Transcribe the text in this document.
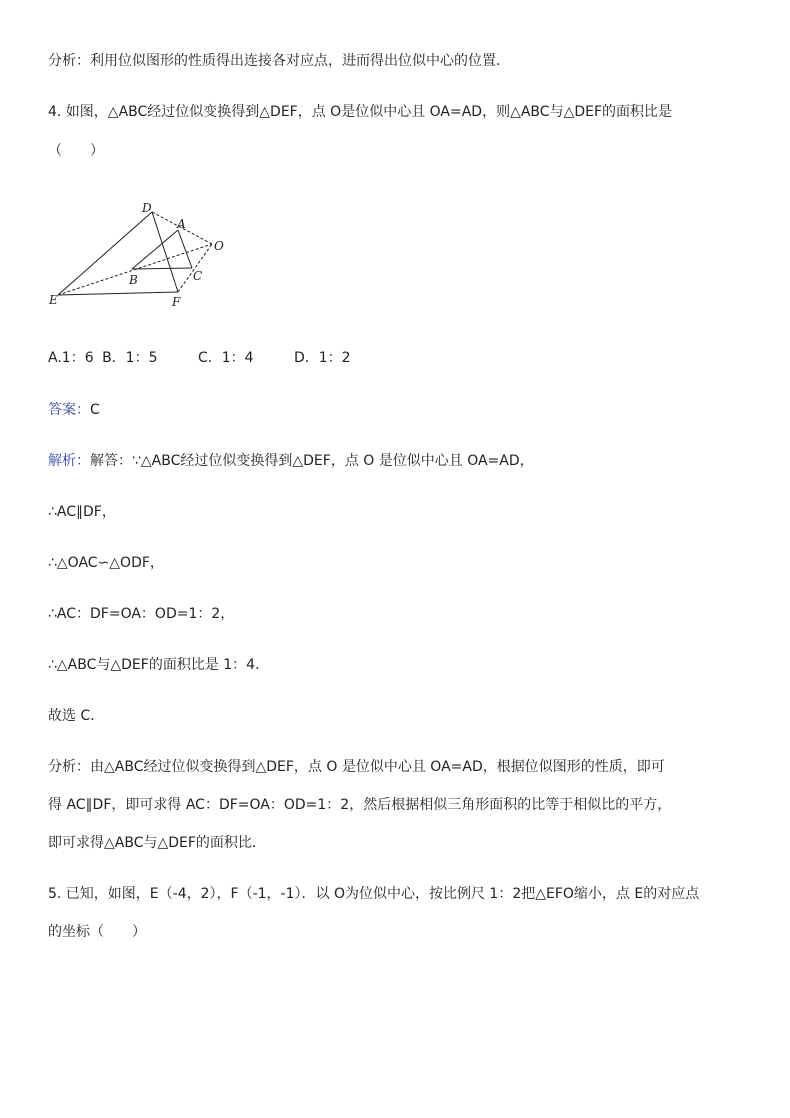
分析：利用位似图形的性质得出连接各对应点，进而得出位似中心的位置．
4. 如图，△ABC经过位似变换得到△DEF，点 O是位似中心且 OA=AD，则△ABC与△DEF的面积比是
（　　）
D
A
O
B	C
E	F
A.1：6 B．1：5	C．1：4	D．1：2
答案：C
解析：解答：∵△ABC经过位似变换得到△DEF，点 O 是位似中心且 OA=AD，
∴AC∥DF，
∴△OAC∽△ODF，
∴AC：DF=OA：OD=1：2，
∴△ABC与△DEF的面积比是 1：4．
故选 C．
分析：由△ABC经过位似变换得到△DEF，点 O 是位似中心且 OA=AD，根据位似图形的性质，即可
得 AC∥DF，即可求得 AC：DF=OA：OD=1：2，然后根据相似三角形面积的比等于相似比的平方，
即可求得△ABC与△DEF的面积比．
5. 已知，如图，E（-4，2），F（-1，-1）．以 O为位似中心，按比例尺 1：2把△EFO缩小，点 E的对应点
的坐标（　　）
